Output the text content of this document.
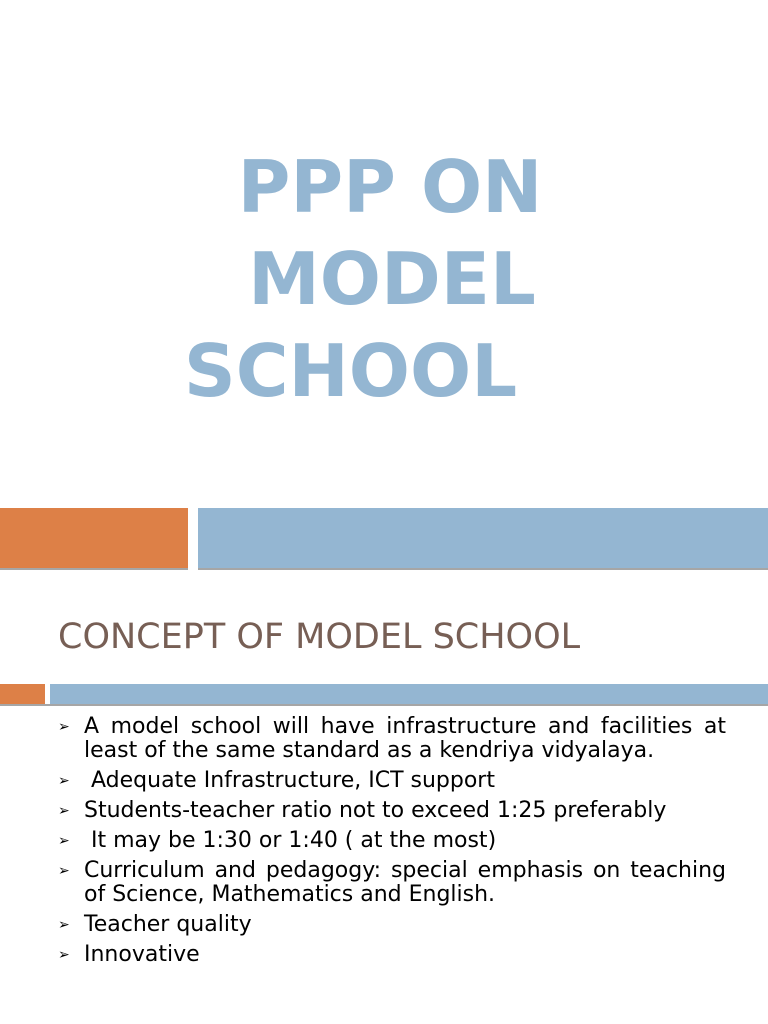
PPP ON
MODEL
SCHOOL
CONCEPT OF MODEL SCHOOL
➢ A model school will have infrastructure and facilities at least of the same standard as a kendriya vidyalaya.
➢ Adequate Infrastructure, ICT support
➢ Students-teacher ratio not to exceed 1:25 preferably
➢ It may be 1:30 or 1:40 ( at the most)
➢ Curriculum and pedagogy: special emphasis on teaching of Science, Mathematics and English.
➢ Teacher quality
➢ Innovative
